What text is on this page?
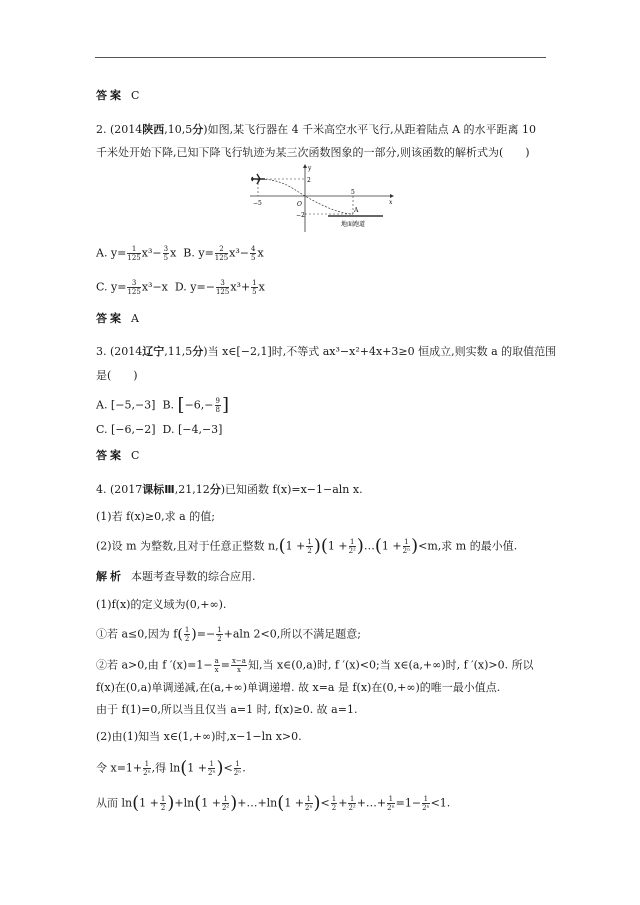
答案 C
2. (2014陕西,10,5分)如图,某飞行器在 4 千米高空水平飞行,从距着陆点 A 的水平距离 10
千米处开始下降,已知下降飞行轨迹为某三次函数图象的一部分,则该函数的解析式为(　　)
y
x
2
O
−2
−5
5
A
地面跑道
A. $y= \frac{1}{125} x^3- \frac{3}{5}$ x B. $y= \frac{2}{125} x^3- \frac{4}{5}$ x
C. $y= \frac{3}{125} x^3-x$ D. $y=- \frac{3}{125} x^3+ \frac{1}{5}$ x
答案 A
3. (2014辽宁,11,5分)当 x∈[−2,1]时,不等式 ax³−x²+4x+3≥0 恒成立,则实数 a 的取值范围
是(　　)
A. [−5,−3] B. [$-6,- \frac{9}{8}$ ]
C. [−6,−2] D. [−4,−3]
答案 C
4. (2017课标Ⅲ,21,12分)已知函数 f(x)=x−1−aln x.
(1)若 f(x)≥0,求 a 的值;
(2)设 m 为整数,且对于任意正整数 $n,(1 + \frac{1}{2} )(1 + \frac{1}{\text{2²}}$ )…(1 + $\frac{1}{\text{2ⁿ}} )<m$,求 m 的最小值.
解析 本题考查导数的综合应用.
(1)f(x)的定义域为(0,+∞).
①若 a≤0,因为 $f( \frac{1}{2}$ )=− $\frac{1}{2} +aln$ 2<0,所以不满足题意;
②若 a>0,由 f $'(x)=1- \frac{a}{x} = \frac{x-a}{x}$ 知,当 x∈(0,a)时, f ′(x)<0;当 x∈(a,+∞)时, f ′(x)>0. 所以
f(x)在(0,a)单调递减,在(a,+∞)单调递增. 故 x=a 是 f(x)在(0,+∞)的唯一最小值点.
由于 f(1)=0,所以当且仅当 a=1 时, f(x)≥0. 故 a=1.
(2)由(1)知当 x∈(1,+∞)时,x−1−ln x>0.
令 $x=1+ \frac{1}{\text{2ⁿ}}$ ,得 $\ln(1 + \frac{1}{\text{2ⁿ}}$ )< $\frac{1}{\text{2ⁿ}}$ .
从而 $\ln(1 + \frac{1}{2} )+\ln(1 + \frac{1}{\text{2²}}$ )+…+ln(1 + $\frac{1}{\text{2ⁿ}}$ )< $\frac{1}{2} + \frac{1}{\text{2²}}$ +…+ $\frac{1}{\text{2ⁿ}} =1- \frac{1}{\text{2ⁿ}} <1$.
